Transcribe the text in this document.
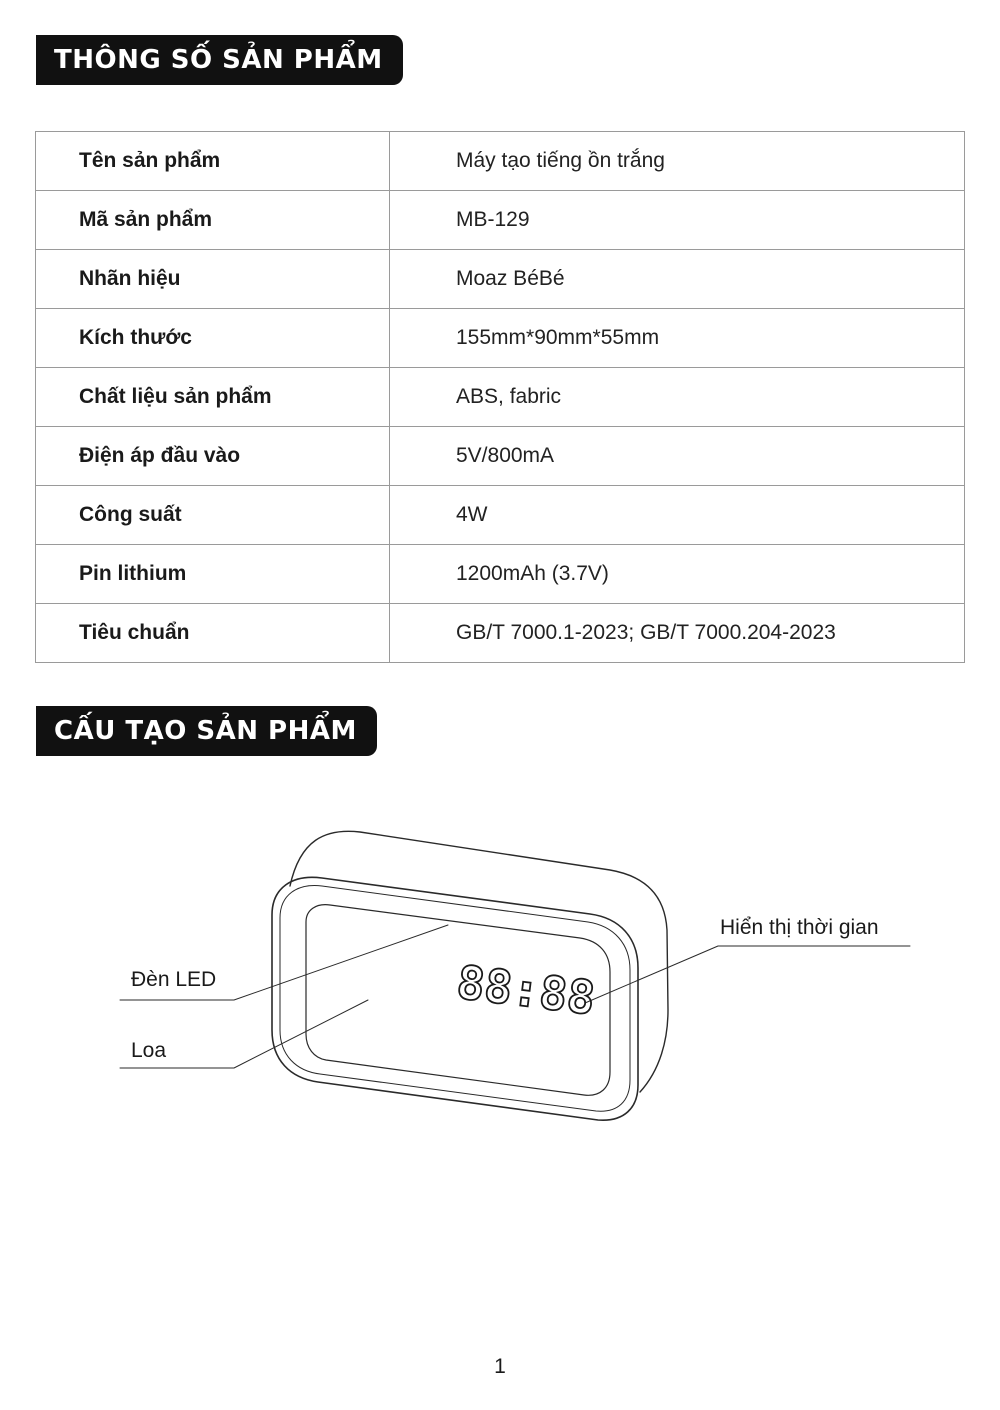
THÔNG SỐ SẢN PHẨM
Tên sản phẩm	Máy tạo tiếng ồn trắng
Mã sản phẩm	MB-129
Nhãn hiệu	Moaz BéBé
Kích thước	155mm*90mm*55mm
Chất liệu sản phẩm	ABS, fabric
Điện áp đầu vào	5V/800mA
Công suất	4W
Pin lithium	1200mAh (3.7V)
Tiêu chuẩn	GB/T 7000.1-2023; GB/T 7000.204-2023
CẤU TẠO SẢN PHẨM
88:88
Đèn LED
Loa
Hiển thị thời gian
1
